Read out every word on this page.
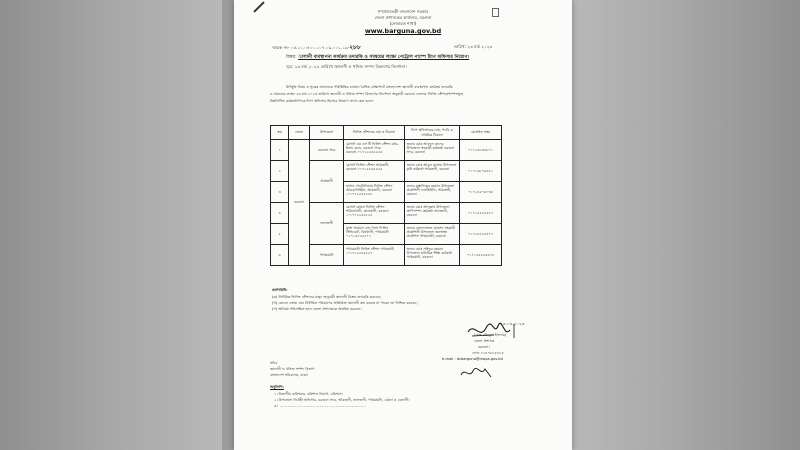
গণপ্রজাতন্ত্রী বাংলাদেশ সরকার
জেলা প্রশাসকের কার্যালয়, বরগুনা
(নেজারত শাখা)
www.barguna.gov.bd
স্মারক নং- ০৫.১০.০৪০০.১০৭.০৯.০০১.১৯-২৮৮	তারিখ: ২৩ মার্চ ২০২৩
বিষয়: জ্বালানী ব্যবস্থাপনা কার্যক্রম তদারকি ও সমন্বয়ের লক্ষ্যে পেট্রোল পাম্পে ট্যাগ অফিসার নিয়োগ।
সূত্র: ২৩ মার্চ ২০২৩ তারিখে জ্বালানী ও খনিজ সম্পদ বিভাগের নির্দেশনা।
উপর্যুক্ত বিষয় ও সূত্রের আলোকে পরিস্থিতির চলমান বৈশ্বিক প্রেক্ষাপটে বাংলাদেশে জ্বালানী ব্যবস্থাপনা কার্যক্রম তদারকি
ও সমন্বয়ের লক্ষ্যে ২৩ মার্চ ২০২৩ তারিখে জ্বালানী ও খনিজ সম্পদ বিভাগের নির্দেশনা অনুযায়ী বরগুনা জেলার ফিলিং স্টেশন/পাম্পসমূহে
নিম্নলিখিত কর্মকর্তাগণকে ট্যাগ অফিসার হিসেবে নিয়োগ প্রদান করা হলো:
ক্রম	জেলা	উপজেলা	ফিলিং স্টেশনের নাম ও ঠিকানা	ট্যাগ অফিসারের নাম, পদবি ও দাপ্তরিক ঠিকানা	মোবাইল নম্বর
১	বরগুনা	বরগুনা সদর	মেসার্স এম এস টি ফিলিং স্টেশন গ্রাম-ষ্ট্যান্ড রোড, বরগুনা সদর বরগুনা-০১৭২২৫৫৫৫৫৫	জনাব মোঃ আবদুল কাদের উপজেলা সহকারী কর্মকর্তা বরগুনা সদর, বরগুনা	০১৭২৫৮৩৫৮০১
২		আমতলী	মেসার্স ফিলিং স্টেশন আমতলী, বরগুনা-০১৭১৫৮৬৫৫৫৫	জনাব মোঃ আবুল কালাম উপজেলা কৃষি কর্মকর্তা আমতলী, বরগুনা	০১৭১৬৮৭৬৫৫১
৩			হাসান পেট্রোলিয়াম ফিলিং স্টেশন আমড়াগাছিয়া, আমতলী, বরগুনা -০১৭০৫৫৫৫৫৫৮	জনাব মুস্তাফিজুর রহমান উপজেলা প্রকৌশলী এলজিইডি, আমতলী, বরগুনা	০১৭১৪৫৭৬০৩৪
৪		তালতলী	মেসার্স মেঘনা ফিলিং স্টেশন শারিকখালী, তালতলী, বরগুনা -০১৭০২২৫৫৫৫৫	জনাব মোঃ আব্দুল্লাহ উপজেলা প্রাণিসম্পদ কর্মকর্তা তালতলী, বরগুনা	০১৭১৫৫৫৫৫৫৭
৫			মুক্তা আয়েল এন্ড গ্যাস ফিলিং সিন্ডিকেট, বিষখালী, পাথরঘাটা ০১৭১৪৮৫৫৫৭৭	জনাব তোফাজ্জেল হোসেন সহকারী প্রকৌশলী উপজেলা জনস্বাস্থ্য প্রকৌশল পাথরঘাটা, বরগুনা	০১৭১৮৫৫৫৪৭৭
৬		পাথরঘাটা	পাথরঘাটা ফিলিং স্টেশন পাথরঘাটা -০১৭১৫৫৫৫৫৫৭	জনাব মোঃ সাইফুর রহমান উপজেলা মাধ্যমিক শিক্ষা কর্মকর্তা পাথরঘাটা, বরগুনা	০১৭১৫৫৫৫৫৬০৮
কার্যপরিধি:
(ক) নির্ধারিত ফিলিং স্টেশনের মজুদ অনুযায়ী জ্বালানী বিক্রয় তদারকি করবেন;
(খ) কোনো ক্রেতা যেন নির্ধারিত পরিমাণের অতিরিক্ত জ্বালানী ক্রয় করতে না পারেন তা নিশ্চিত করবেন;
(গ) অনিয়ম পরিলক্ষিত হলে জেলা প্রশাসককে অবহিত করবেন।
২৩.০৩.২০২৩
(মোঃ রফিকুল ইসলাম)
জেলা প্রশাসক
বরগুনা।
ফোন-০২৪৭৮৮৮৮৮৮
e-mail : dcbarguna@mopa.gov.bd
সচিব
জ্বালানী ও খনিজ সম্পদ বিভাগ
বাংলাদেশ সচিবালয়, ঢাকা।
অনুলিপি:
১। বিভাগীয় কমিশনার, বরিশাল বিভাগ, বরিশাল।
২। উপজেলা নির্বাহী অফিসার, বরগুনা সদর, আমতলী, তালতলী, পাথরঘাটা, বামনা ও বেতাগী।
৩। ------------------------------------------------
